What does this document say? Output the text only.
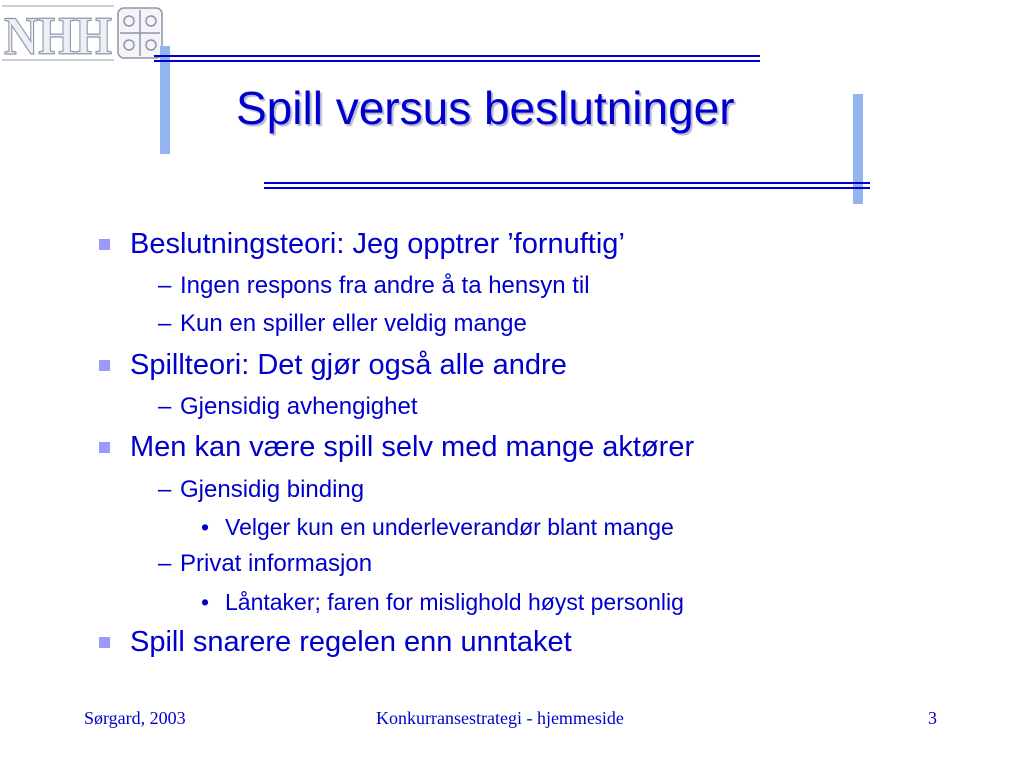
NHH
Spill versus beslutninger
Beslutningsteori: Jeg opptrer ’fornuftig’
– Ingen respons fra andre å ta hensyn til
– Kun en spiller eller veldig mange
Spillteori: Det gjør også alle andre
– Gjensidig avhengighet
Men kan være spill selv med mange aktører
– Gjensidig binding
• Velger kun en underleverandør blant mange
– Privat informasjon
• Låntaker; faren for mislighold høyst personlig
Spill snarere regelen enn unntaket
Sørgard, 2003	Konkurransestrategi - hjemmeside	3
